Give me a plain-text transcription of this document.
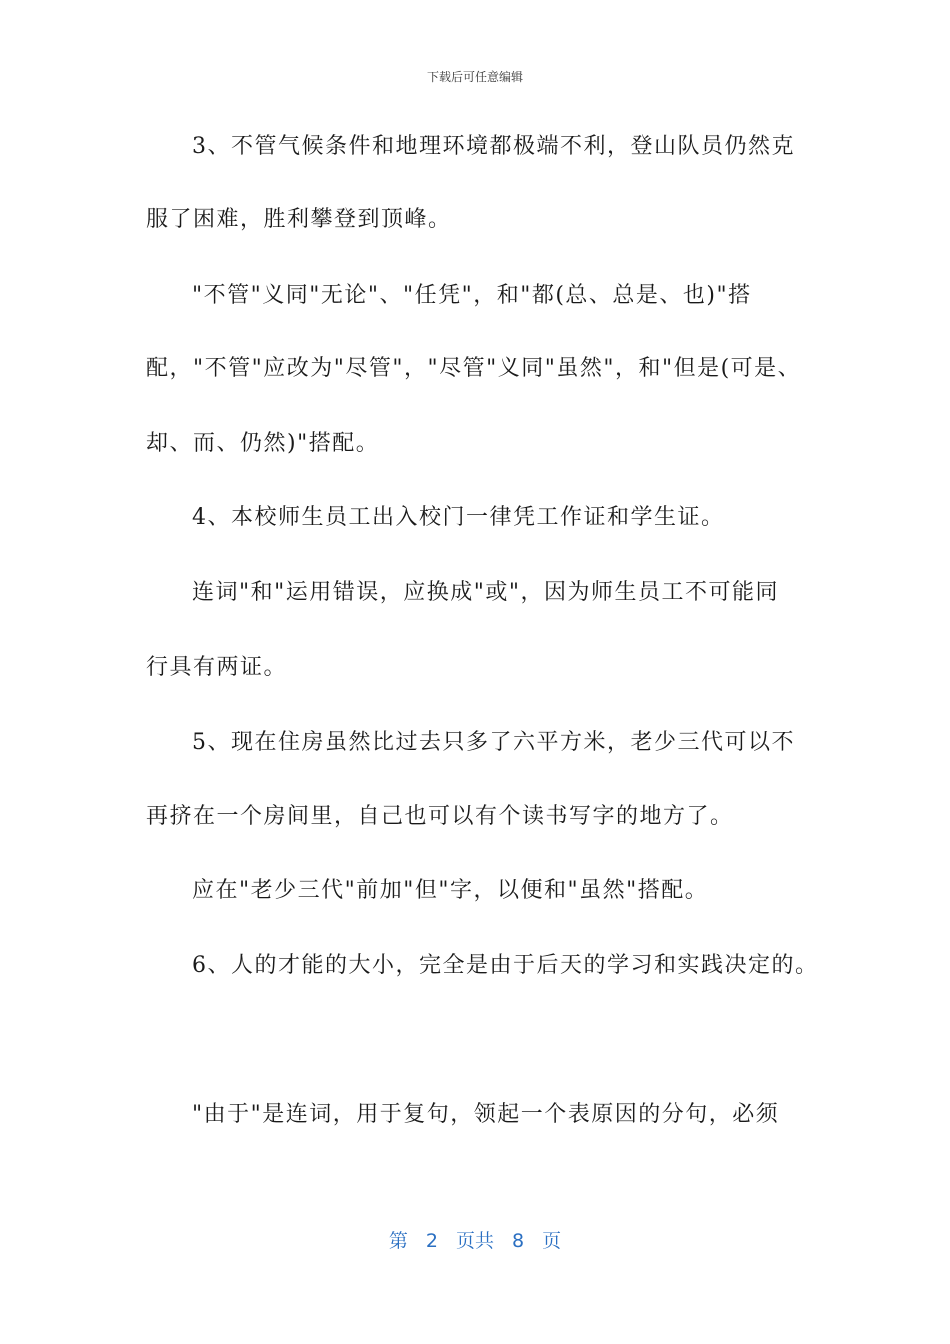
下载后可任意编辑
3、不管气候条件和地理环境都极端不利，登山队员仍然克
服了困难，胜利攀登到顶峰。
"不管"义同"无论"、"任凭"，和"都(总、总是、也)"搭
配，"不管"应改为"尽管"，"尽管"义同"虽然"，和"但是(可是、
却、而、仍然)"搭配。
4、本校师生员工出入校门一律凭工作证和学生证。
连词"和"运用错误，应换成"或"，因为师生员工不可能同
行具有两证。
5、现在住房虽然比过去只多了六平方米，老少三代可以不
再挤在一个房间里，自己也可以有个读书写字的地方了。
应在"老少三代"前加"但"字，以便和"虽然"搭配。
6、人的才能的大小，完全是由于后天的学习和实践决定的。
"由于"是连词，用于复句，领起一个表原因的分句，必须
第 2 页共 8 页
